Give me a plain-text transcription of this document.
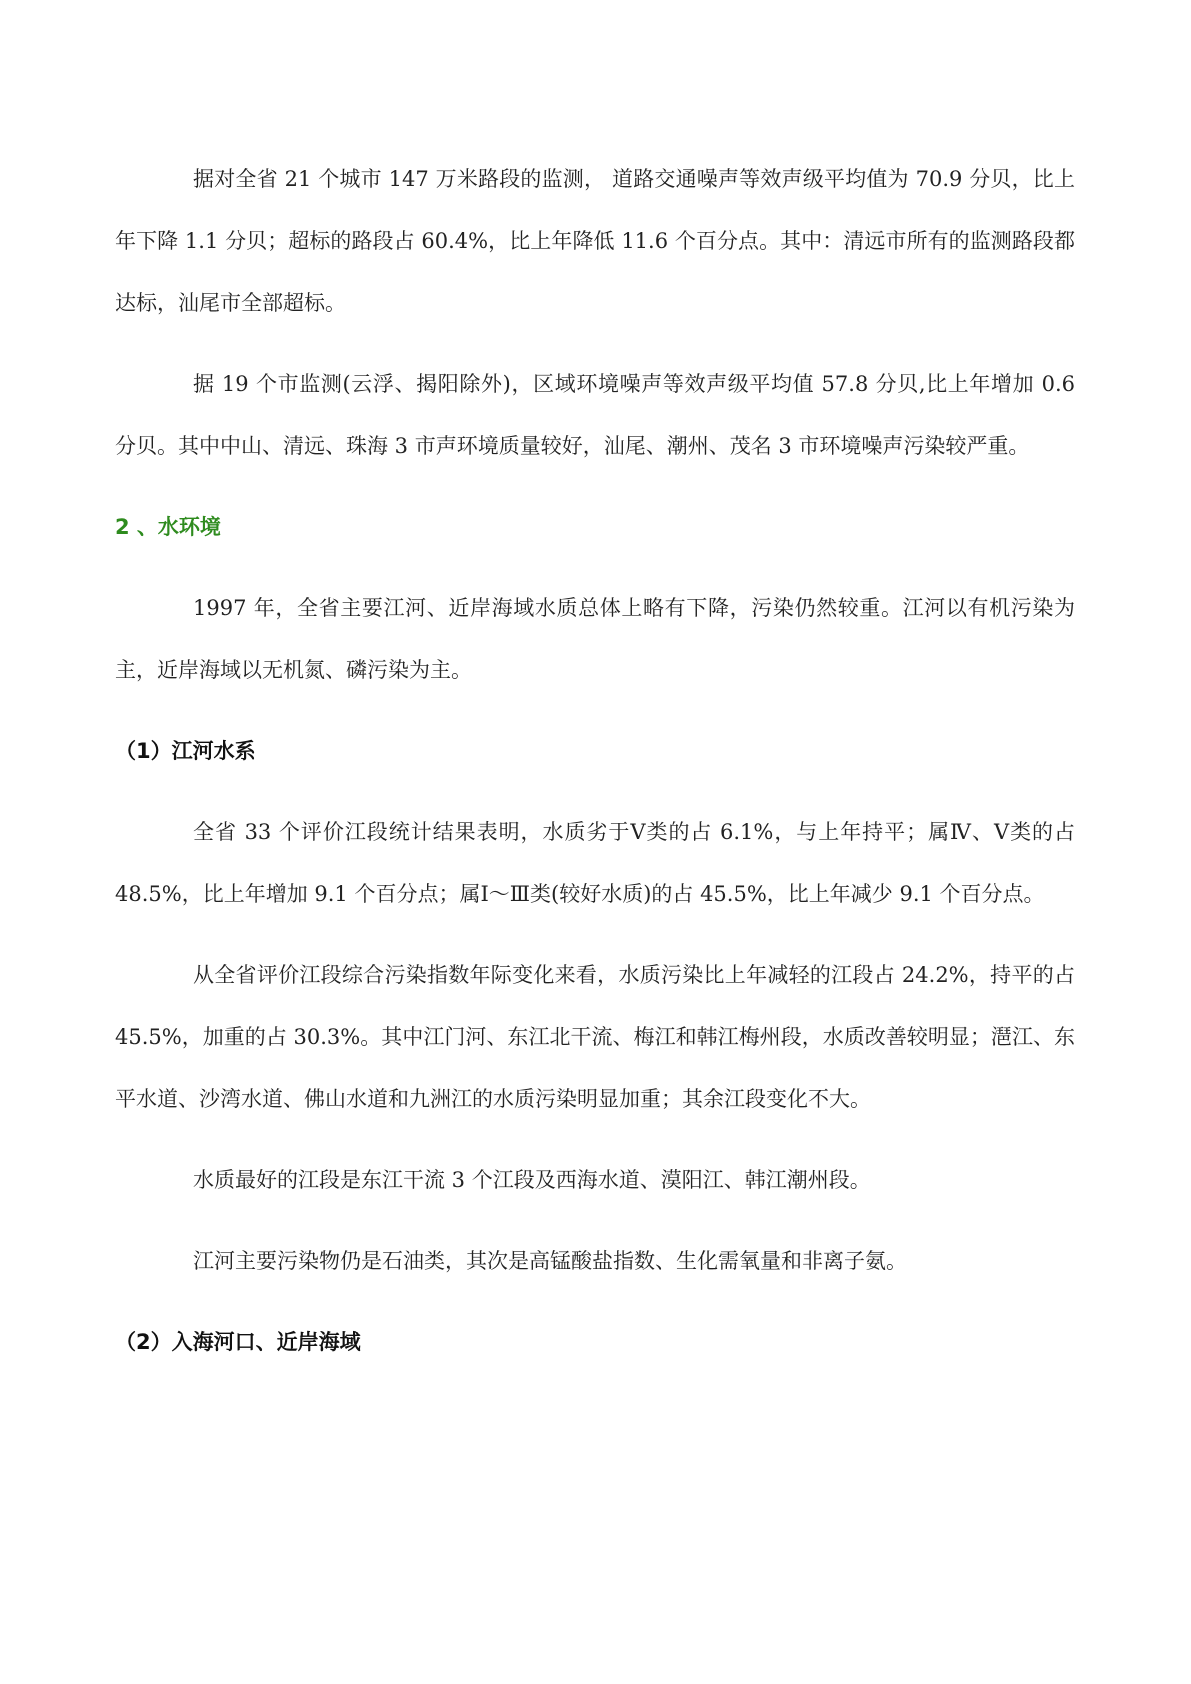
据对全省 21 个城市 147 万米路段的监测， 道路交通噪声等效声级平均值为 70.9 分贝，比上年下降 1.1 分贝；超标的路段占 60.4%，比上年降低 11.6 个百分点。其中：清远市所有的监测路段都达标，汕尾市全部超标。

据 19 个市监测(云浮、揭阳除外)，区域环境噪声等效声级平均值 57.8 分贝,比上年增加 0.6 分贝。其中中山、清远、珠海 3 市声环境质量较好，汕尾、潮州、茂名 3 市环境噪声污染较严重。

2 、水环境

1997 年，全省主要江河、近岸海域水质总体上略有下降，污染仍然较重。江河以有机污染为主，近岸海域以无机氮、磷污染为主。

（1）江河水系

全省 33 个评价江段统计结果表明，水质劣于Ⅴ类的占 6.1%，与上年持平；属Ⅳ、Ⅴ类的占 48.5%，比上年增加 9.1 个百分点；属Ⅰ～Ⅲ类(较好水质)的占 45.5%，比上年减少 9.1 个百分点。

从全省评价江段综合污染指数年际变化来看，水质污染比上年减轻的江段占 24.2%，持平的占 45.5%，加重的占 30.3%。其中江门河、东江北干流、梅江和韩江梅州段，水质改善较明显；潖江、东平水道、沙湾水道、佛山水道和九洲江的水质污染明显加重；其余江段变化不大。

水质最好的江段是东江干流 3 个江段及西海水道、漠阳江、韩江潮州段。

江河主要污染物仍是石油类，其次是高锰酸盐指数、生化需氧量和非离子氨。

（2）入海河口、近岸海域
